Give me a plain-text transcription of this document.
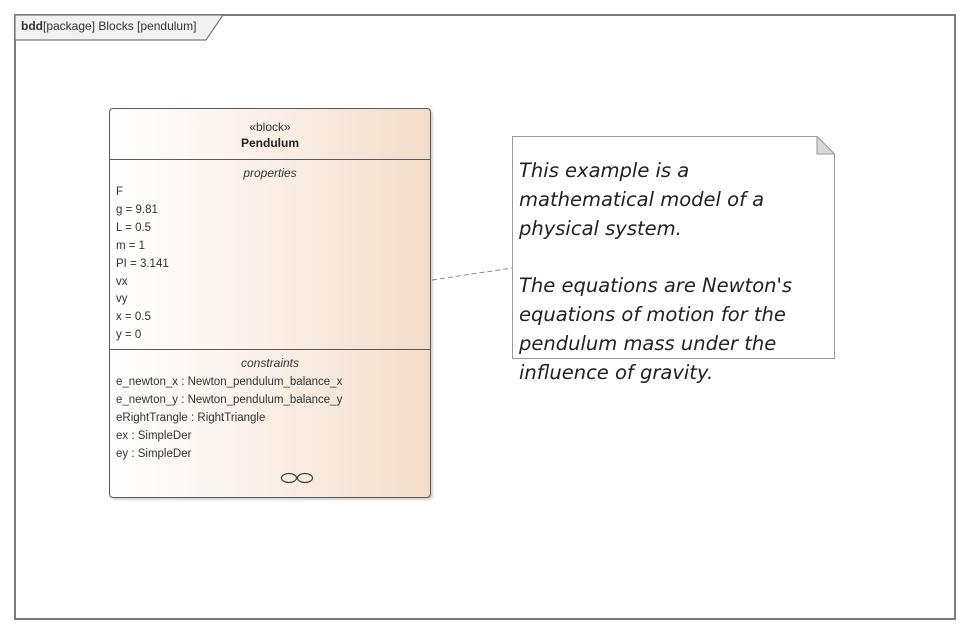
bdd[package] Blocks [pendulum]
«block»
Pendulum
properties
F
g = 9.81
L = 0.5
m = 1
PI = 3.141
vx
vy
x = 0.5
y = 0
constraints
e_newton_x : Newton_pendulum_balance_x
e_newton_y : Newton_pendulum_balance_y
eRightTrangle : RightTriangle
ex : SimpleDer
ey : SimpleDer
This example is a mathematical model of a physical system.

The equations are Newton's equations of motion for the pendulum mass under the influence of gravity.
